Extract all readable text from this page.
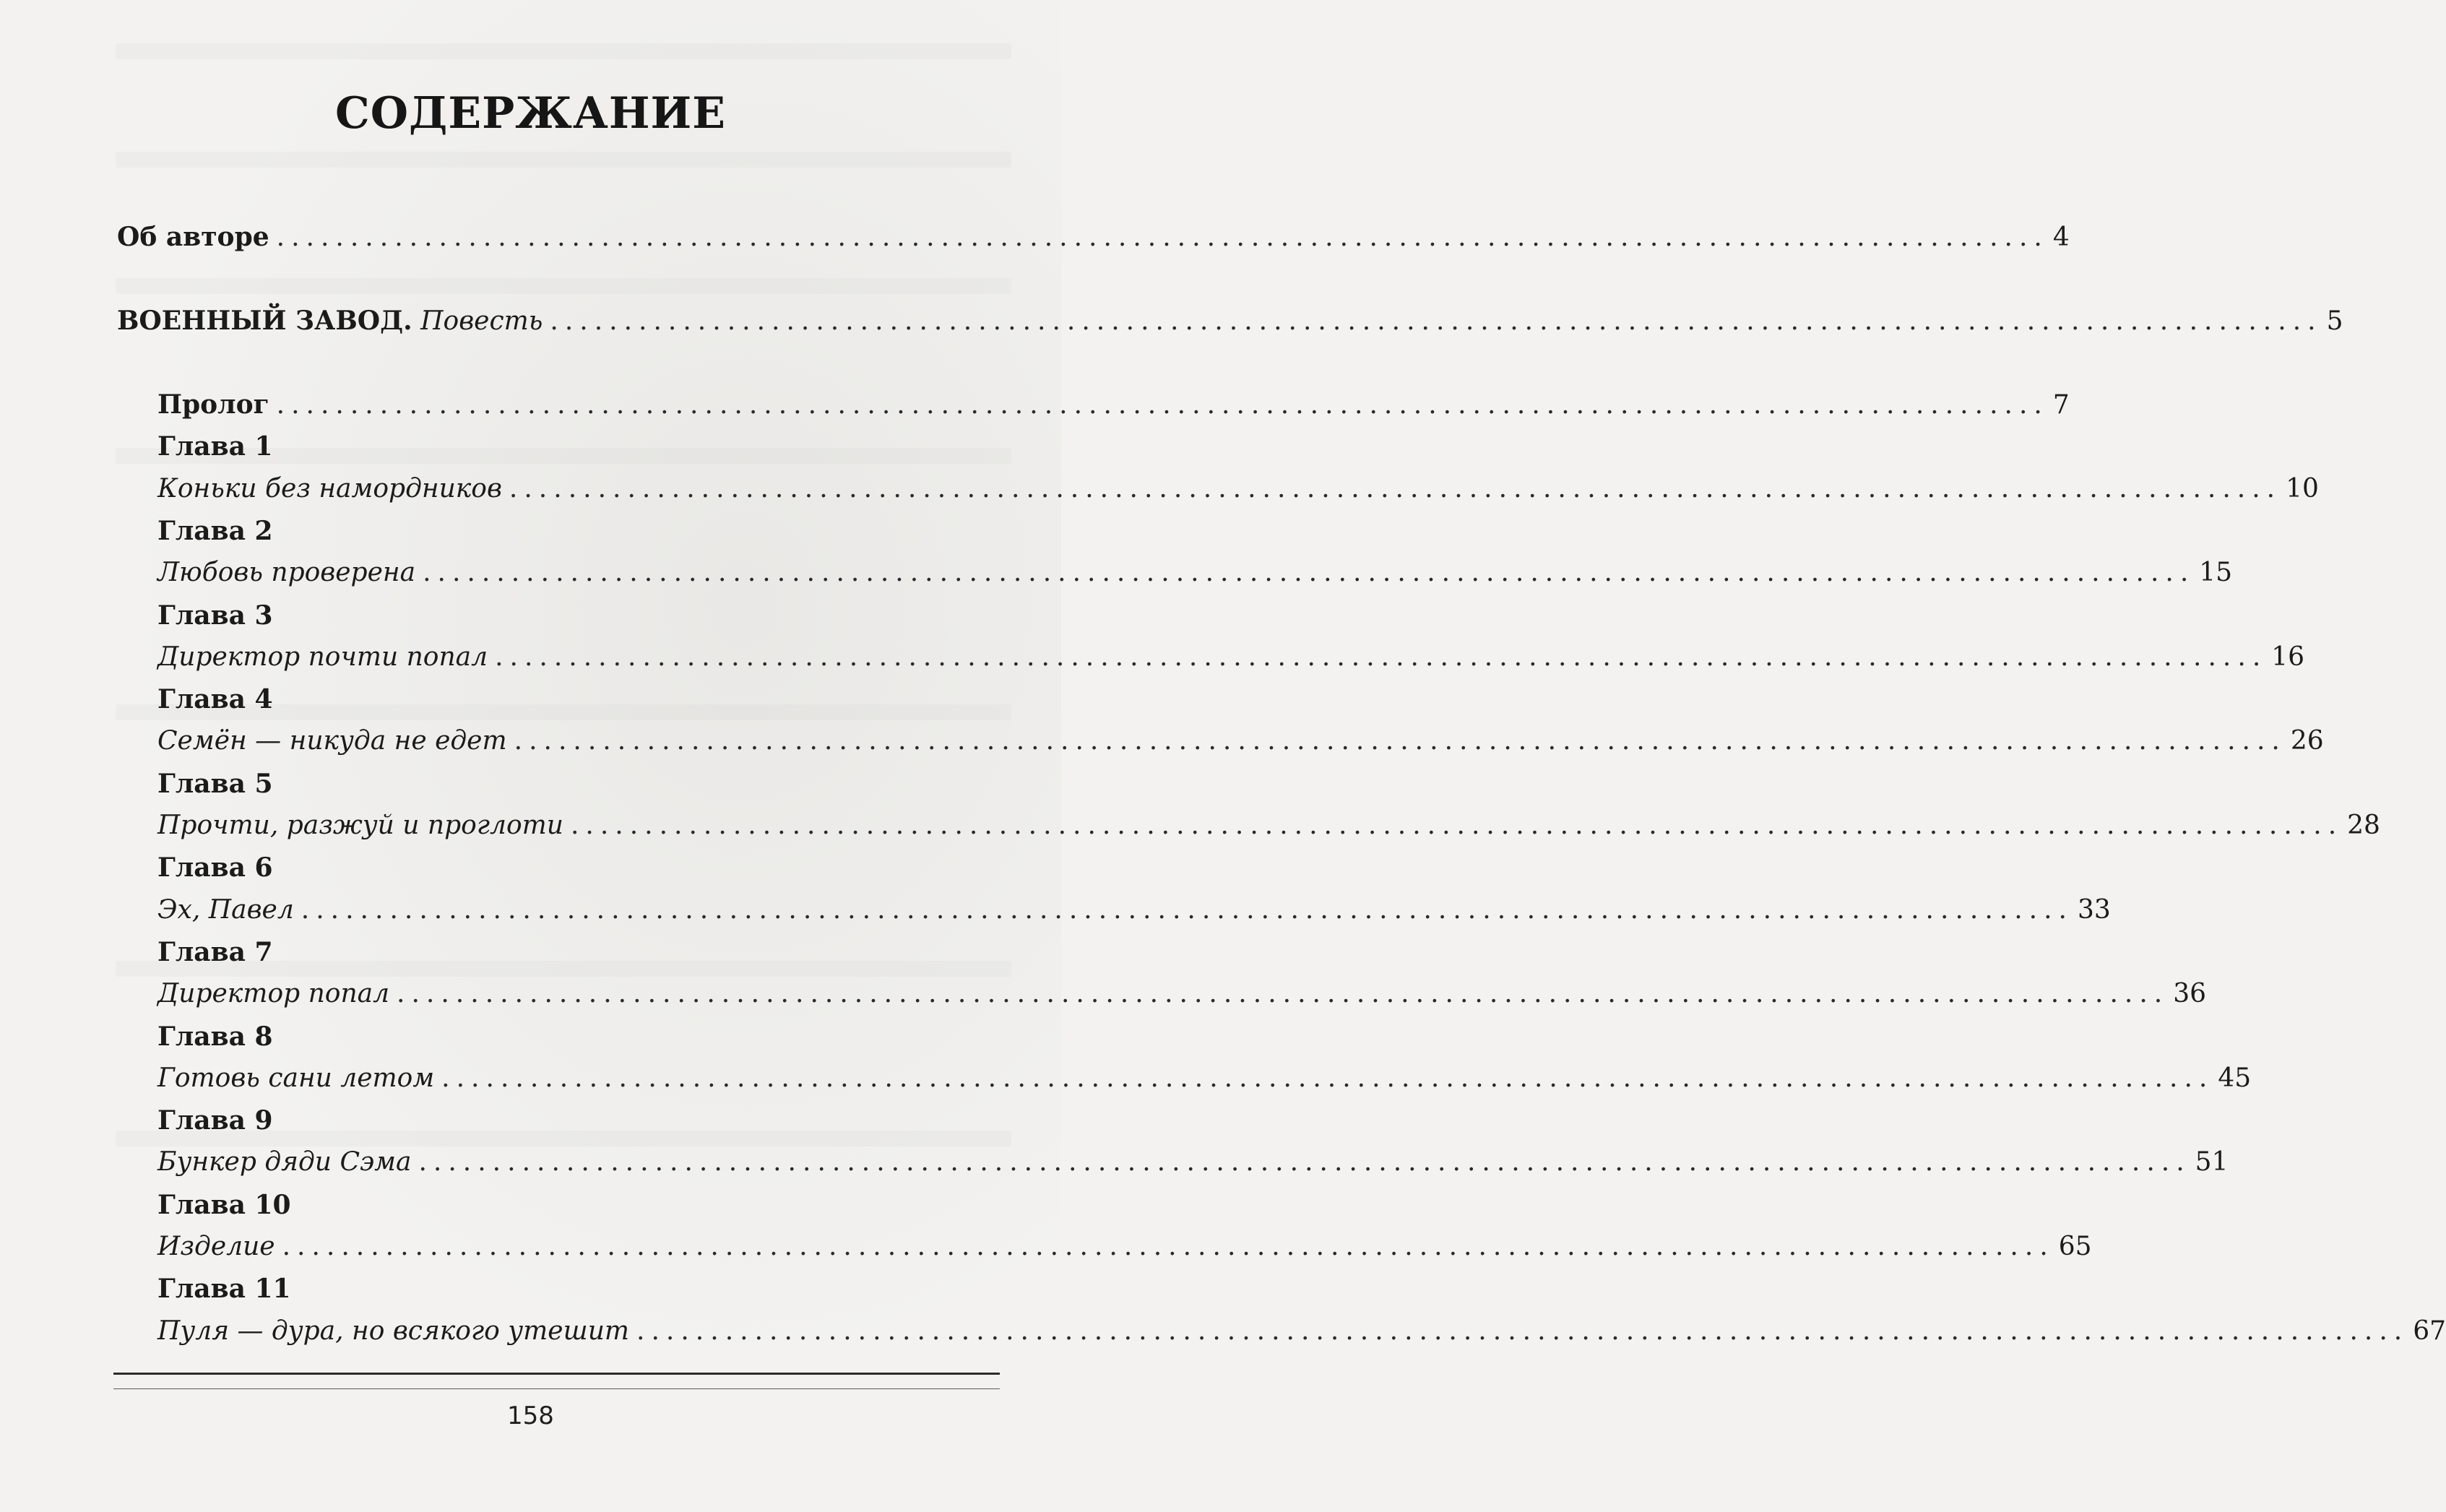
СОДЕРЖАНИЕ
Об авторе ........................................................................................................................ 4
ВОЕННЫЙ ЗАВОД. Повесть ........................................................................................................................ 5
Пролог ........................................................................................................................ 7
Глава 1
Коньки без намордников ........................................................................................................................ 10
Глава 2
Любовь проверена ........................................................................................................................ 15
Глава 3
Директор почти попал ........................................................................................................................ 16
Глава 4
Семён — никуда не едет ........................................................................................................................ 26
Глава 5
Прочти, разжуй и проглоти ........................................................................................................................ 28
Глава 6
Эх, Павел ........................................................................................................................ 33
Глава 7
Директор попал ........................................................................................................................ 36
Глава 8
Готовь сани летом ........................................................................................................................ 45
Глава 9
Бункер дяди Сэма ........................................................................................................................ 51
Глава 10
Изделие ........................................................................................................................ 65
Глава 11
Пуля — дура, но всякого утешит ........................................................................................................................ 67
158
